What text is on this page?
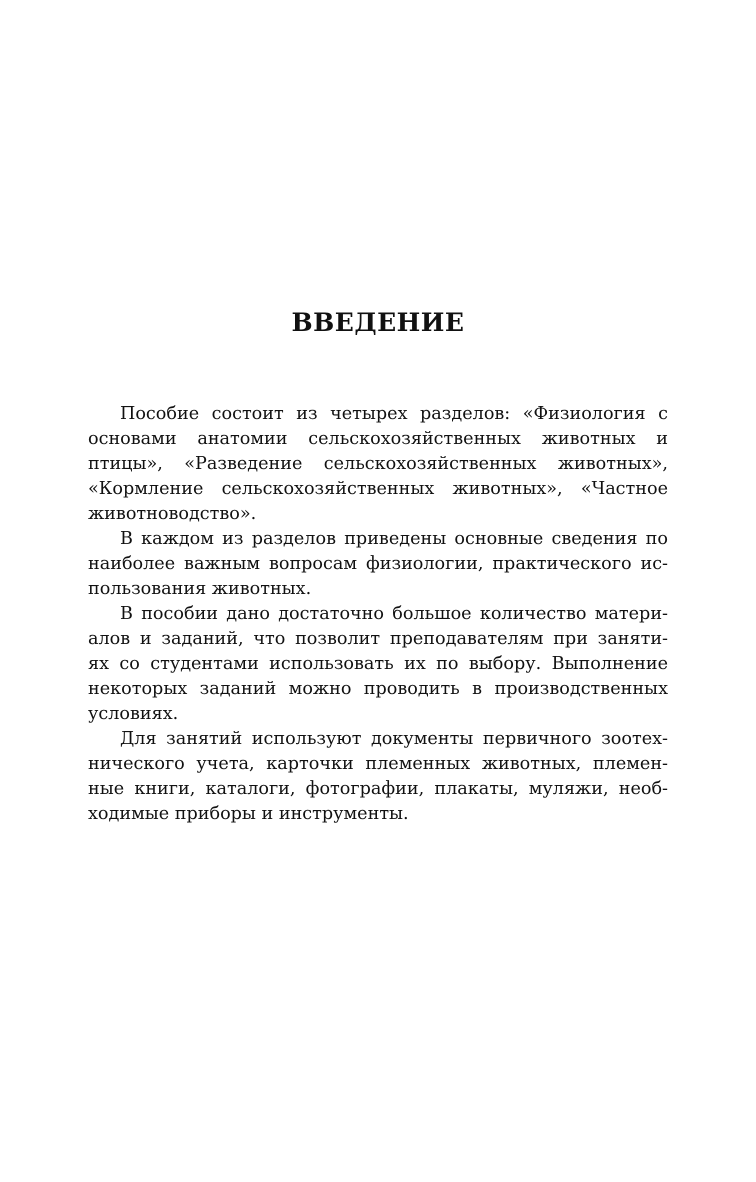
ВВЕДЕНИЕ
Пособие состоит из четырех разделов: «Физиология с
основами анатомии сельскохозяйственных животных и
птицы», «Разведение сельскохозяйственных животных»,
«Кормление сельскохозяйственных животных», «Частное
животноводство».
В каждом из разделов приведены основные сведения по
наиболее важным вопросам физиологии, практического ис-
пользования животных.
В пособии дано достаточно большое количество матери-
алов и заданий, что позволит преподавателям при заняти-
ях со студентами использовать их по выбору. Выполнение
некоторых заданий можно проводить в производственных
условиях.
Для занятий используют документы первичного зоотех-
нического учета, карточки племенных животных, племен-
ные книги, каталоги, фотографии, плакаты, муляжи, необ-
ходимые приборы и инструменты.
